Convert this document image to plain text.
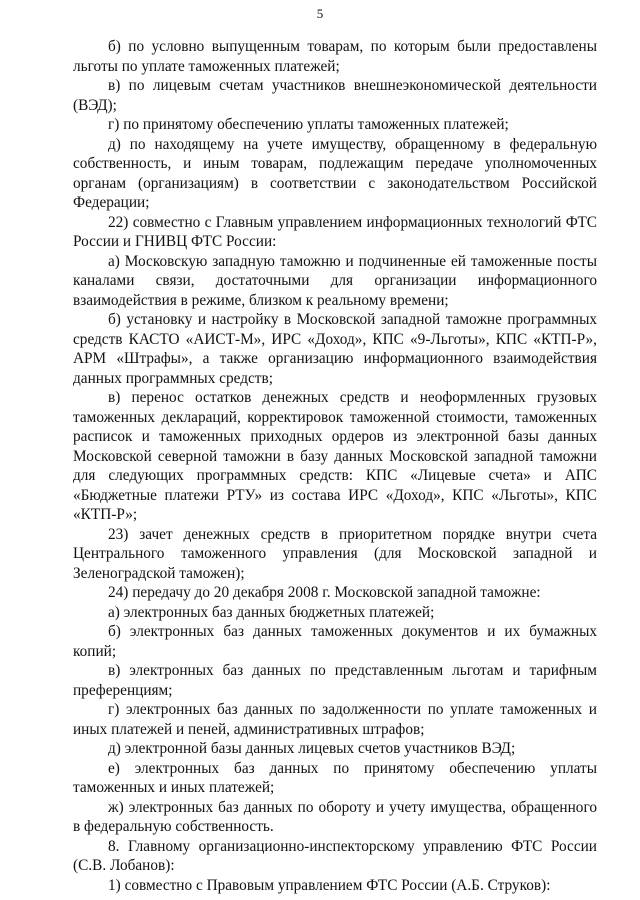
5

б) по условно выпущенным товарам, по которым были предоставлены льготы по уплате таможенных платежей;

в) по лицевым счетам участников внешнеэкономической деятельности (ВЭД);

г) по принятому обеспечению уплаты таможенных платежей;

д) по находящему на учете имуществу, обращенному в федеральную собственность, и иным товарам, подлежащим передаче уполномоченных органам (организациям) в соответствии с законодательством Российской Федерации;

22) совместно с Главным управлением информационных технологий ФТС России и ГНИВЦ ФТС России:

а) Московскую западную таможню и подчиненные ей таможенные посты каналами связи, достаточными для организации информационного взаимодействия в режиме, близком к реальному времени;

б) установку и настройку в Московской западной таможне программных средств КАСТО «АИСТ-М», ИРС «Доход», КПС «9-Льготы», КПС «КТП-Р», АРМ «Штрафы», а также организацию информационного взаимодействия данных программных средств;

в) перенос остатков денежных средств и неоформленных грузовых таможенных деклараций, корректировок таможенной стоимости, таможенных расписок и таможенных приходных ордеров из электронной базы данных Московской северной таможни в базу данных Московской западной таможни для следующих программных средств: КПС «Лицевые счета» и АПС «Бюджетные платежи РТУ» из состава ИРС «Доход», КПС «Льготы», КПС «КТП-Р»;

23) зачет денежных средств в приоритетном порядке внутри счета Центрального таможенного управления (для Московской западной и Зеленоградской таможен);

24) передачу до 20 декабря 2008 г. Московской западной таможне:

а) электронных баз данных бюджетных платежей;

б) электронных баз данных таможенных документов и их бумажных копий;

в) электронных баз данных по представленным льготам и тарифным преференциям;

г) электронных баз данных по задолженности по уплате таможенных и иных платежей и пеней, административных штрафов;

д) электронной базы данных лицевых счетов участников ВЭД;

е) электронных баз данных по принятому обеспечению уплаты таможенных и иных платежей;

ж) электронных баз данных по обороту и учету имущества, обращенного в федеральную собственность.

8. Главному организационно-инспекторскому управлению ФТС России (С.В. Лобанов):

1) совместно с Правовым управлением ФТС России (А.Б. Струков):
